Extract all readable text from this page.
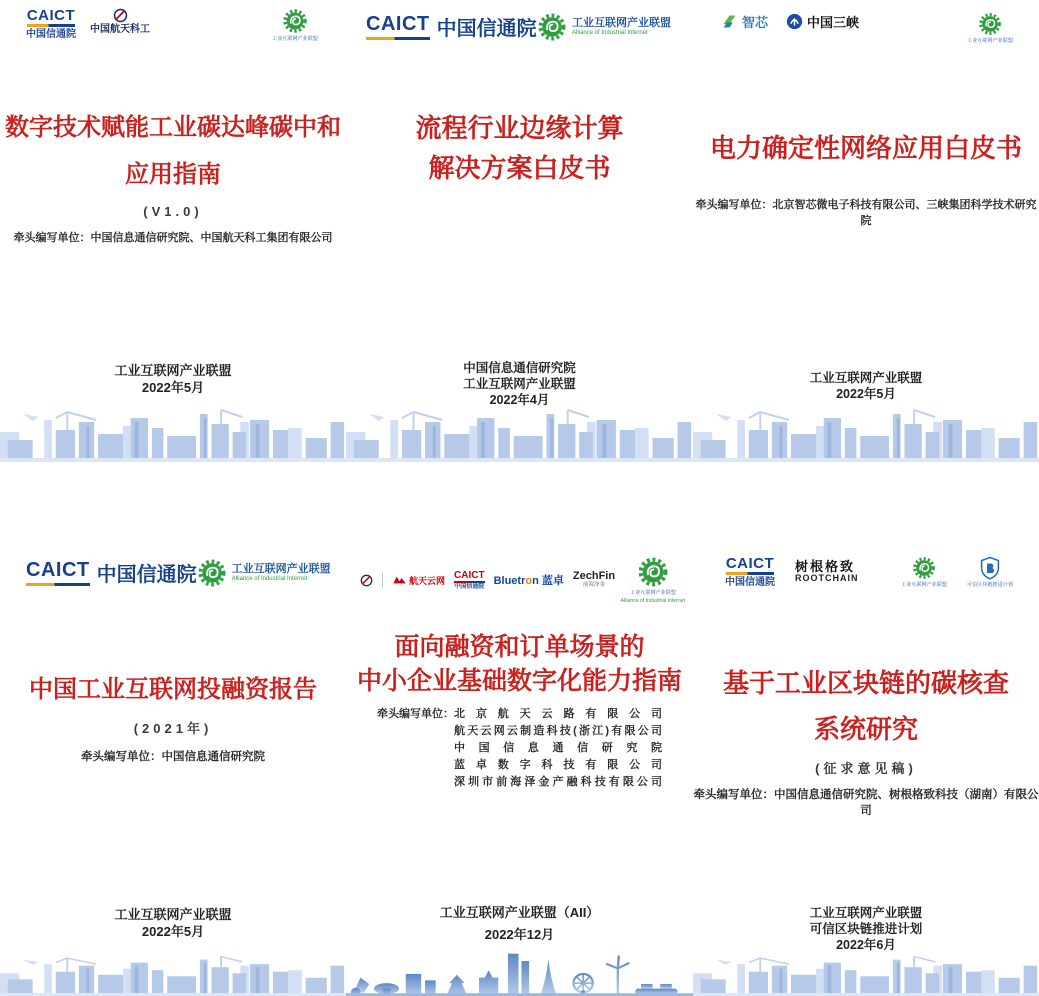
CAICT
中国信通院 中国航天科工
工业互联网产业联盟
数字技术赋能工业碳达峰碳中和
应用指南
(V1.0)
牵头编写单位：中国信息通信研究院、中国航天科工集团有限公司
工业互联网产业联盟
2022年5月
CAICT 中国信通院	工业互联网产业联盟
Alliance of Industrial Internet
流程行业边缘计算
解决方案白皮书
中国信息通信研究院
工业互联网产业联盟
2022年4月
智芯	中国三峡
工业互联网产业联盟
电力确定性网络应用白皮书
牵头编写单位：北京智芯微电子科技有限公司、三峡集团科学技术研究院
工业互联网产业联盟
2022年5月
CAICT 中国信通院	工业互联网产业联盟
Alliance of Industrial Internet
中国工业互联网投融资报告
(2021年)
牵头编写单位：中国信息通信研究院
工业互联网产业联盟
2022年5月
航天云网 CAICT
中国信通院 Bluetron 蓝卓 ZechFin
前海泽金
工业互联网产业联盟
Alliance of Industrial Internet
面向融资和订单场景的
中小企业基础数字化能力指南
牵头编写单位： 北京航天云路有限公司
航天云网云制造科技(浙江)有限公司
中国信息通信研究院
蓝卓数字科技有限公司
深圳市前海泽金产融科技有限公司
工业互联网产业联盟（AII）
2022年12月
CAICT
中国信通院
树根格致
ROOTCHAIN
工业互联网产业联盟	可信区块链推进计划
基于工业区块链的碳核查
系统研究
(征求意见稿)
牵头编写单位：中国信息通信研究院、树根格致科技（湖南）有限公司
工业互联网产业联盟
可信区块链推进计划
2022年6月
